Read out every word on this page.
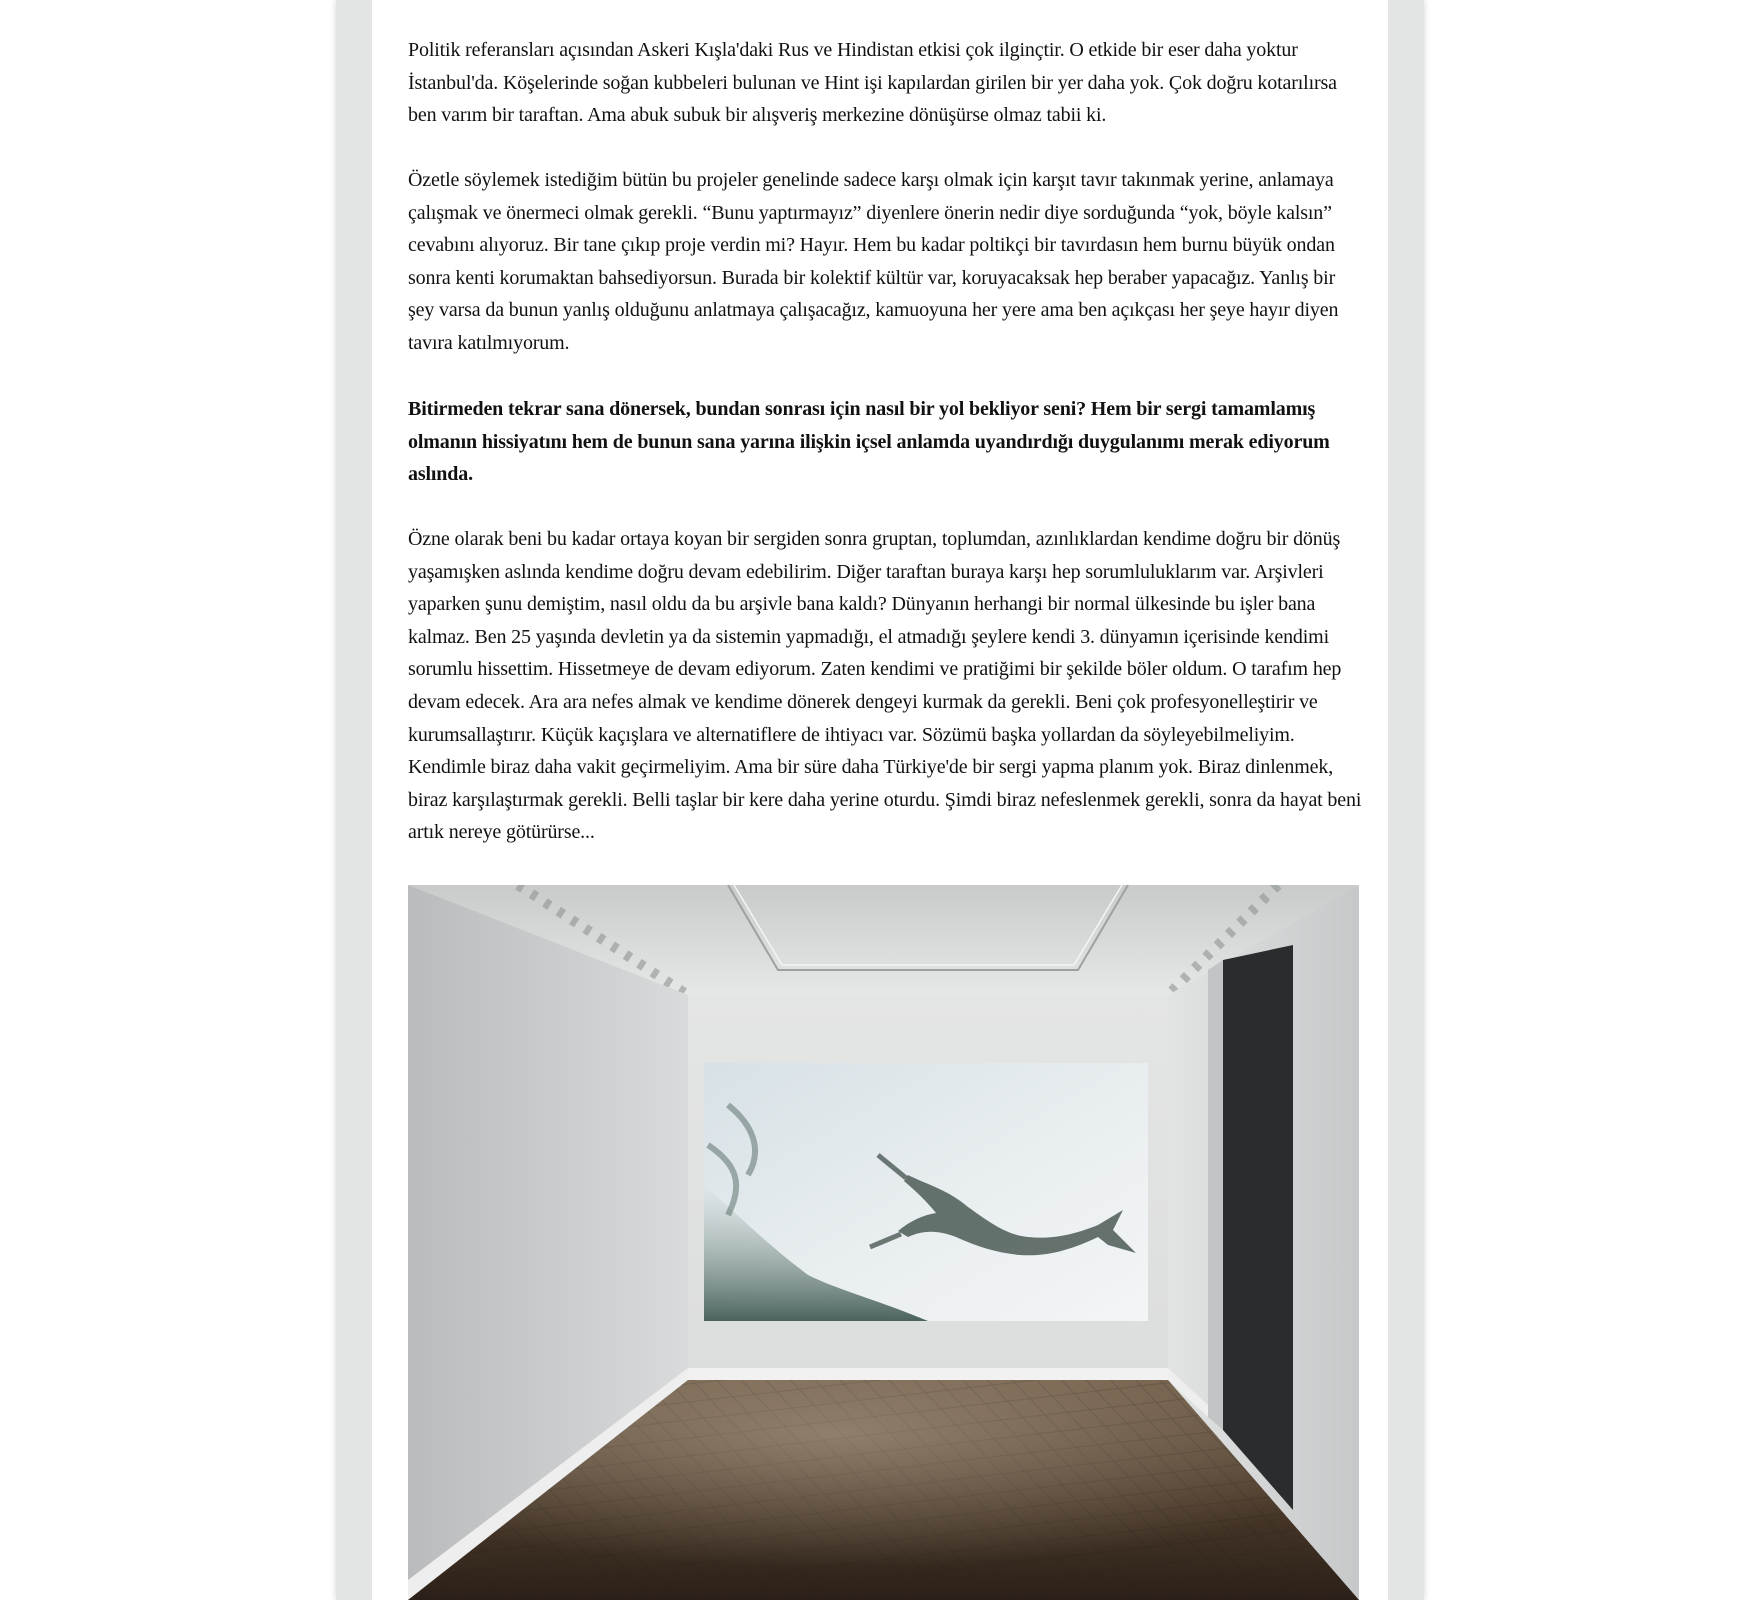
Politik referansları açısından Askeri Kışla'daki Rus ve Hindistan etkisi çok ilginçtir. O etkide bir eser daha yoktur İstanbul'da. Köşelerinde soğan kubbeleri bulunan ve Hint işi kapılardan girilen bir yer daha yok. Çok doğru kotarılırsa ben varım bir taraftan. Ama abuk subuk bir alışveriş merkezine dönüşürse olmaz tabii ki.

Özetle söylemek istediğim bütün bu projeler genelinde sadece karşı olmak için karşıt tavır takınmak yerine, anlamaya çalışmak ve önermeci olmak gerekli. “Bunu yaptırmayız” diyenlere önerin nedir diye sorduğunda “yok, böyle kalsın” cevabını alıyoruz. Bir tane çıkıp proje verdin mi? Hayır. Hem bu kadar poltikçi bir tavırdasın hem burnu büyük ondan sonra kenti korumaktan bahsediyorsun. Burada bir kolektif kültür var, koruyacaksak hep beraber yapacağız. Yanlış bir şey varsa da bunun yanlış olduğunu anlatmaya çalışacağız, kamuoyuna her yere ama ben açıkçası her şeye hayır diyen tavıra katılmıyorum.

Bitirmeden tekrar sana dönersek, bundan sonrası için nasıl bir yol bekliyor seni? Hem bir sergi tamamlamış olmanın hissiyatını hem de bunun sana yarına ilişkin içsel anlamda uyandırdığı duygulanımı merak ediyorum aslında.

Özne olarak beni bu kadar ortaya koyan bir sergiden sonra gruptan, toplumdan, azınlıklardan kendime doğru bir dönüş yaşamışken aslında kendime doğru devam edebilirim. Diğer taraftan buraya karşı hep sorumluluklarım var. Arşivleri yaparken şunu demiştim, nasıl oldu da bu arşivle bana kaldı? Dünyanın herhangi bir normal ülkesinde bu işler bana kalmaz. Ben 25 yaşında devletin ya da sistemin yapmadığı, el atmadığı şeylere kendi 3. dünyamın içerisinde kendimi sorumlu hissettim. Hissetmeye de devam ediyorum. Zaten kendimi ve pratiğimi bir şekilde böler oldum. O tarafım hep devam edecek. Ara ara nefes almak ve kendime dönerek dengeyi kurmak da gerekli. Beni çok profesyonelleştirir ve kurumsallaştırır. Küçük kaçışlara ve alternatiflere de ihtiyacı var. Sözümü başka yollardan da söyleyebilmeliyim. Kendimle biraz daha vakit geçirmeliyim. Ama bir süre daha Türkiye'de bir sergi yapma planım yok. Biraz dinlenmek, biraz karşılaştırmak gerekli. Belli taşlar bir kere daha yerine oturdu. Şimdi biraz nefeslenmek gerekli, sonra da hayat beni artık nereye götürürse...
